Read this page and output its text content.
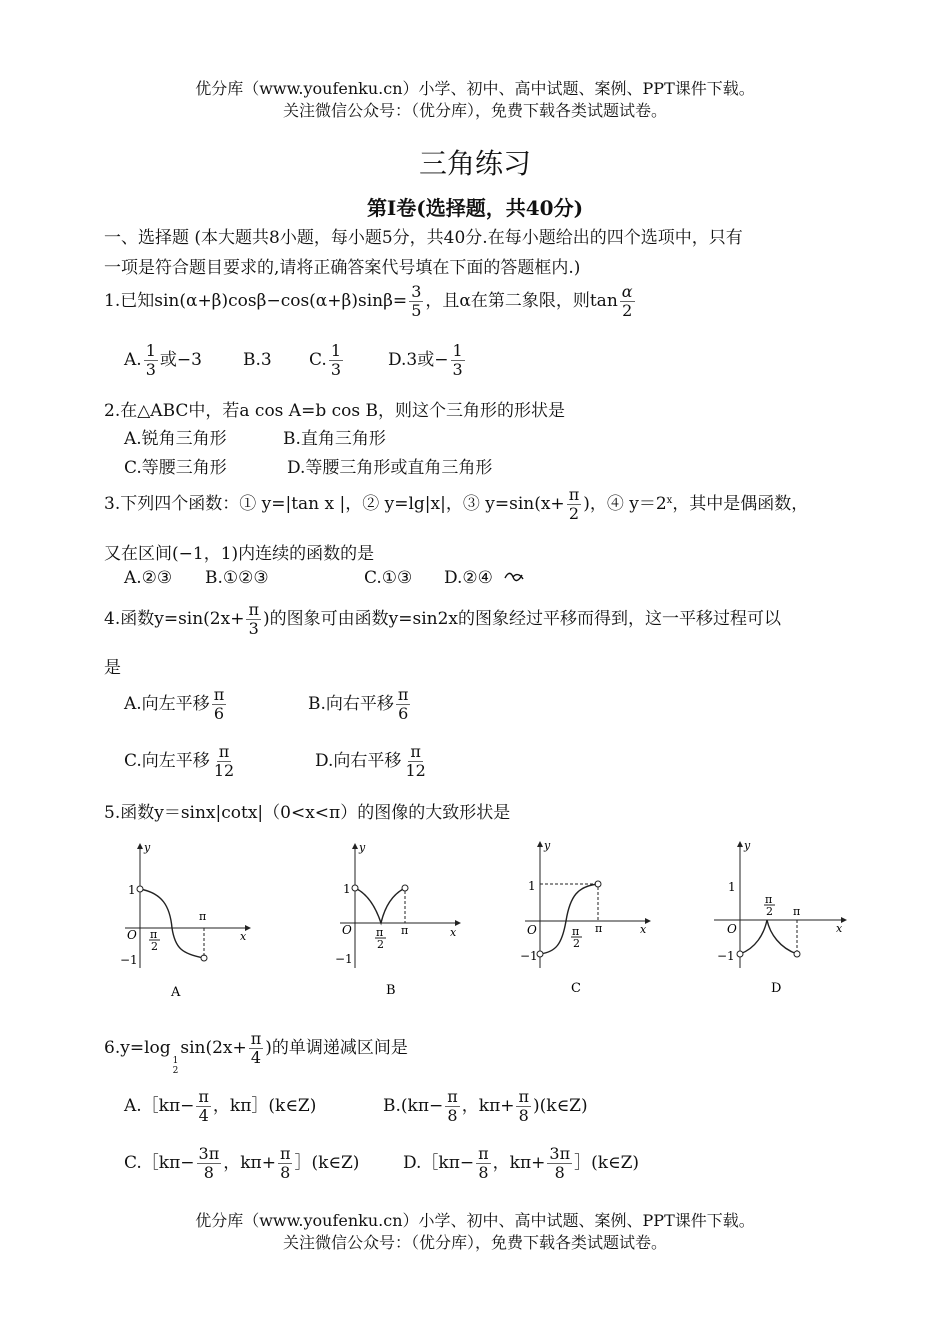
优分库（www.youfenku.cn）小学、初中、高中试题、案例、PPT课件下载。
关注微信公众号：（优分库），免费下载各类试题试卷。
三角练习
第Ⅰ卷(选择题，共40分)
一、选择题 (本大题共8小题，每小题5分，共40分.在每小题给出的四个选项中，只有
一项是符合题目要求的,请将正确答案代号填在下面的答题框内.)
1.已知$\sin(\alpha+\beta)\cos\beta-\cos(\alpha+\beta)\sin\beta= \frac{3}{5}$ ，且α在第二象限，则$\tan \frac{\alpha}{2}$
A. $\frac{1}{3}$ 或−3 B.3 C. $\frac{1}{3}$	D.3或− $\frac{1}{3}$
2.在△ABC中，若a cos A=b cos B，则这个三角形的形状是
A.锐角三角形	B.直角三角形
C.等腰三角形	D.等腰三角形或直角三角形
3.下列四个函数：① y=|tan x |，② y=lg|x|，③ $y=\sin(x+ \frac{\pi}{2}$ )，④ $y=2^x$，其中是偶函数，
又在区间(−1，1)内连续的函数的是
A.②③ B.①②③	C.①③ D.②④
4.函数$y=\sin(2x+ \frac{\pi}{3}$ )的图象可由函数y=sin2x的图象经过平移而得到，这一平移过程可以
是
A.向左平移 $\frac{\pi}{6}$	B.向右平移 $\frac{\pi}{6}$
C.向左平移 $\frac{\pi}{12}$	D.向右平移 $\frac{\pi}{12}$
5.函数y＝sinx|cotx|（0<x<π）的图像的大致形状是
y
x
O
1
−1
π
2
π
A
y
x
O
1
−1
π
2
π
B
y
x
O
1
−1
π
2
π
C
y
x
O
1
−1
π
2 π
D
6.y=log
1
2
$\sin(2x+ \frac{\pi}{4}$ )的单调递减区间是
A.［kπ− $\frac{\pi}{4}$ ，kπ］(k∈Z)	$B.(k\pi- \frac{\pi}{8}$ ，$k\pi+ \frac{\pi}{8}$ )(k∈Z)
C.［kπ− $\frac{3\pi}{8}$ ，$k\pi+ \frac{\pi}{8}$ ］(k∈Z)	D.［kπ− $\frac{\pi}{8}$ ，$k\pi+ \frac{3\pi}{8}$ ］(k∈Z)
优分库（www.youfenku.cn）小学、初中、高中试题、案例、PPT课件下载。
关注微信公众号：（优分库），免费下载各类试题试卷。
